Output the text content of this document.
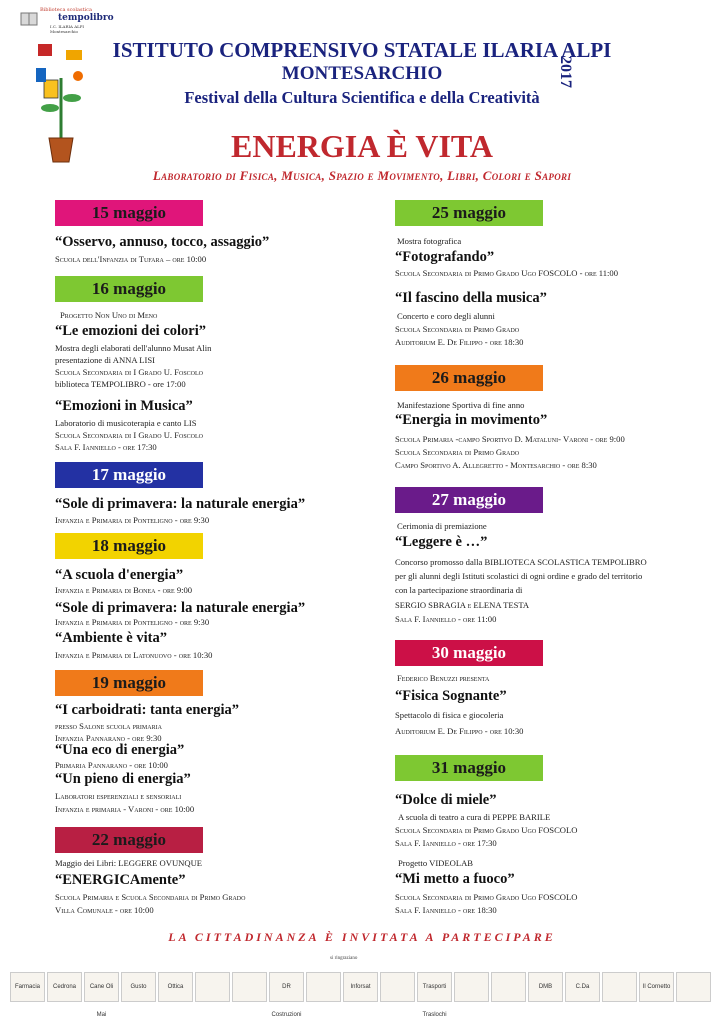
Biblioteca scolastica
tempolibro
I.C. ILARIA ALPI Montesarchio
ISTITUTO COMPRENSIVO STATALE ILARIA ALPI
MONTESARCHIO
Festival della Cultura Scientifica e della Creatività
2017
ENERGIA È VITA
Laboratorio di Fisica, Musica, Spazio e Movimento, Libri, Colori e Sapori
15 maggio
“Osservo, annuso, tocco, assaggio”
Scuola dell'Infanzia di Tufara – ore 10:00
16 maggio
Progetto Non Uno di Meno
“Le emozioni dei colori”
Mostra degli elaborati dell'alunno Musat Alin
presentazione di ANNA LISI
Scuola Secondaria di I Grado U. Foscolo
biblioteca TEMPOLIBRO - ore 17:00
“Emozioni in Musica”
Laboratorio di musicoterapia e canto LIS
Scuola Secondaria di I Grado U. Foscolo
Sala F. Ianniello - ore 17:30
17 maggio
“Sole di primavera: la naturale energia”
Infanzia e Primaria di Ponteligno - ore 9:30
18 maggio
“A scuola d'energia”
Infanzia e Primaria di Bonea - ore 9:00
“Sole di primavera: la naturale energia”
Infanzia e Primaria di Ponteligno - ore 9:30
“Ambiente è vita”
Infanzia e Primaria di Latonuovo - ore 10:30
19 maggio
“I carboidrati: tanta energia”
presso Salone scuola primaria
Infanzia Pannarano - ore 9:30
“Una eco di energia”
Primaria Pannarano - ore 10:00
“Un pieno di energia”
Laboratori esperenziali e sensoriali
Infanzia e primaria - Varoni - ore 10:00
22 maggio
Maggio dei Libri: LEGGERE OVUNQUE
“ENERGICAmente”
Scuola Primaria e Scuola Secondaria di Primo Grado
Villa Comunale - ore 10:00
25 maggio
Mostra fotografica
“Fotografando”
Scuola Secondaria di Primo Grado Ugo FOSCOLO - ore 11:00
“Il fascino della musica”
Concerto e coro degli alunni
Scuola Secondaria di Primo Grado
Auditorium E. De Filippo - ore 18:30
26 maggio
Manifestazione Sportiva di fine anno
“Energia in movimento”
Scuola Primaria -campo Sportivo D. Mataluni- Varoni - ore 9:00
Scuola Secondaria di Primo Grado
Campo Sportivo A. Allegretto - Montesarchio - ore 8:30
27 maggio
Cerimonia di premiazione
“Leggere è …”
Concorso promosso dalla BIBLIOTECA SCOLASTICA TEMPOLIBRO
per gli alunni degli Istituti scolastici di ogni ordine e grado del territorio
con la partecipazione straordinaria di
SERGIO SBRAGIA e ELENA TESTA
Sala F. Ianniello - ore 11:00
30 maggio
Federico Benuzzi presenta
“Fisica Sognante”
Spettacolo di fisica e giocoleria
Auditorium E. De Filippo - ore 10:30
31 maggio
“Dolce di miele”
A scuola di teatro a cura di PEPPE BARILE
Scuola Secondaria di Primo Grado Ugo FOSCOLO
Sala F. Ianniello - ore 17:30
Progetto VIDEOLAB
“Mi metto a fuoco”
Scuola Secondaria di Primo Grado Ugo FOSCOLO
Sala F. Ianniello - ore 18:30
LA CITTADINANZA È INVITATA A PARTECIPARE
si ringraziano
Farmacia	Cedrona	Cane Oli Mai
Gusto	Ottica	DR Costruzioni
Inforsat	Trasporti Traslochi
DMB	C.Da	Il Cornetto
